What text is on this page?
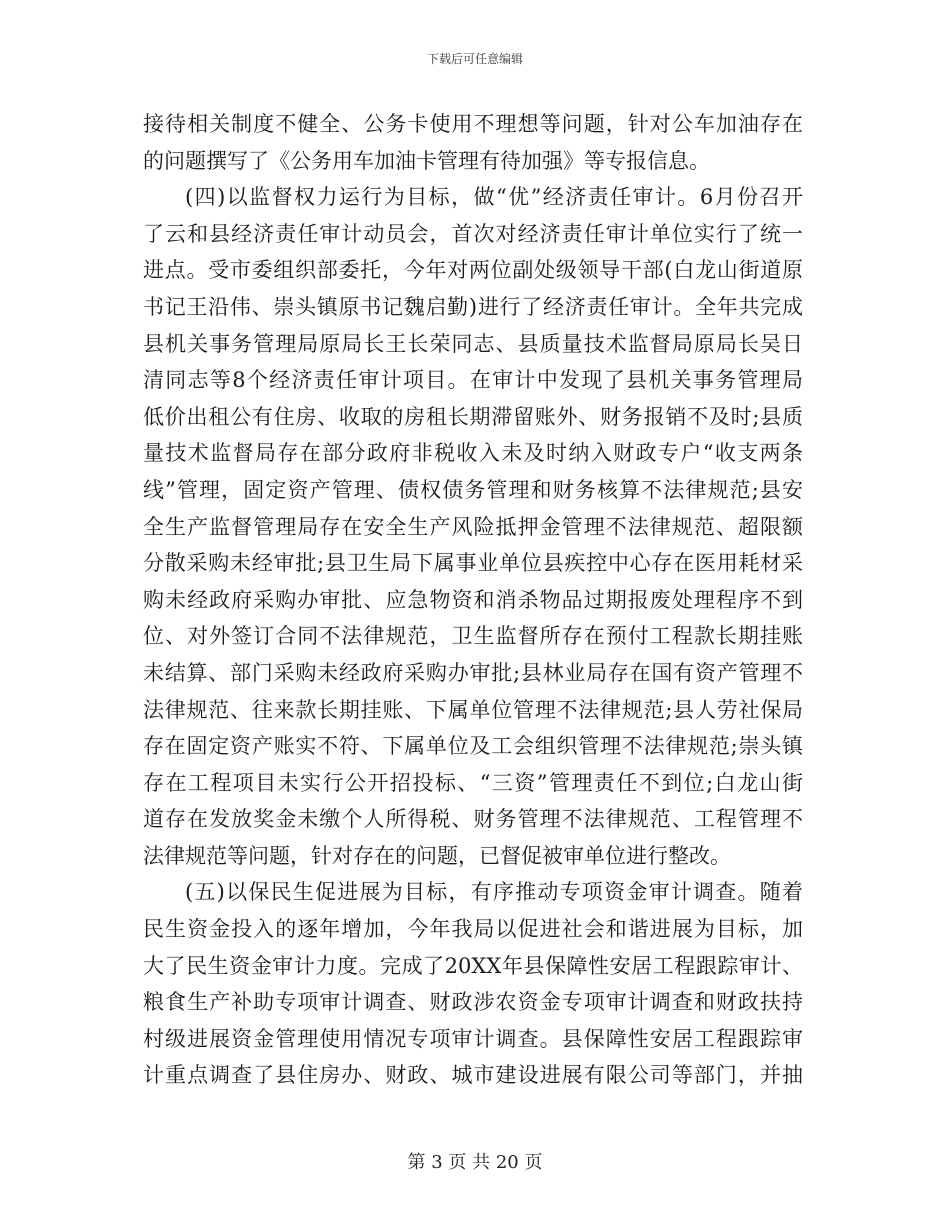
下载后可任意编辑
接待相关制度不健全、公务卡使用不理想等问题，针对公车加油存在
的问题撰写了《公务用车加油卡管理有待加强》等专报信息。
(四)以监督权力运行为目标，做“优”经济责任审计。6月份召开
了云和县经济责任审计动员会，首次对经济责任审计单位实行了统一
进点。受市委组织部委托，今年对两位副处级领导干部(白龙山街道原
书记王沿伟、崇头镇原书记魏启勤)进行了经济责任审计。全年共完成
县机关事务管理局原局长王长荣同志、县质量技术监督局原局长吴日
清同志等8个经济责任审计项目。在审计中发现了县机关事务管理局
低价出租公有住房、收取的房租长期滞留账外、财务报销不及时;县质
量技术监督局存在部分政府非税收入未及时纳入财政专户“收支两条
线”管理，固定资产管理、债权债务管理和财务核算不法律规范;县安
全生产监督管理局存在安全生产风险抵押金管理不法律规范、超限额
分散采购未经审批;县卫生局下属事业单位县疾控中心存在医用耗材采
购未经政府采购办审批、应急物资和消杀物品过期报废处理程序不到
位、对外签订合同不法律规范，卫生监督所存在预付工程款长期挂账
未结算、部门采购未经政府采购办审批;县林业局存在国有资产管理不
法律规范、往来款长期挂账、下属单位管理不法律规范;县人劳社保局
存在固定资产账实不符、下属单位及工会组织管理不法律规范;崇头镇
存在工程项目未实行公开招投标、“三资”管理责任不到位;白龙山街
道存在发放奖金未缴个人所得税、财务管理不法律规范、工程管理不
法律规范等问题，针对存在的问题，已督促被审单位进行整改。
(五)以保民生促进展为目标，有序推动专项资金审计调查。随着
民生资金投入的逐年增加，今年我局以促进社会和谐进展为目标，加
大了民生资金审计力度。完成了20XX年县保障性安居工程跟踪审计、
粮食生产补助专项审计调查、财政涉农资金专项审计调查和财政扶持
村级进展资金管理使用情况专项审计调查。县保障性安居工程跟踪审
计重点调查了县住房办、财政、城市建设进展有限公司等部门，并抽
第 3 页 共 20 页
